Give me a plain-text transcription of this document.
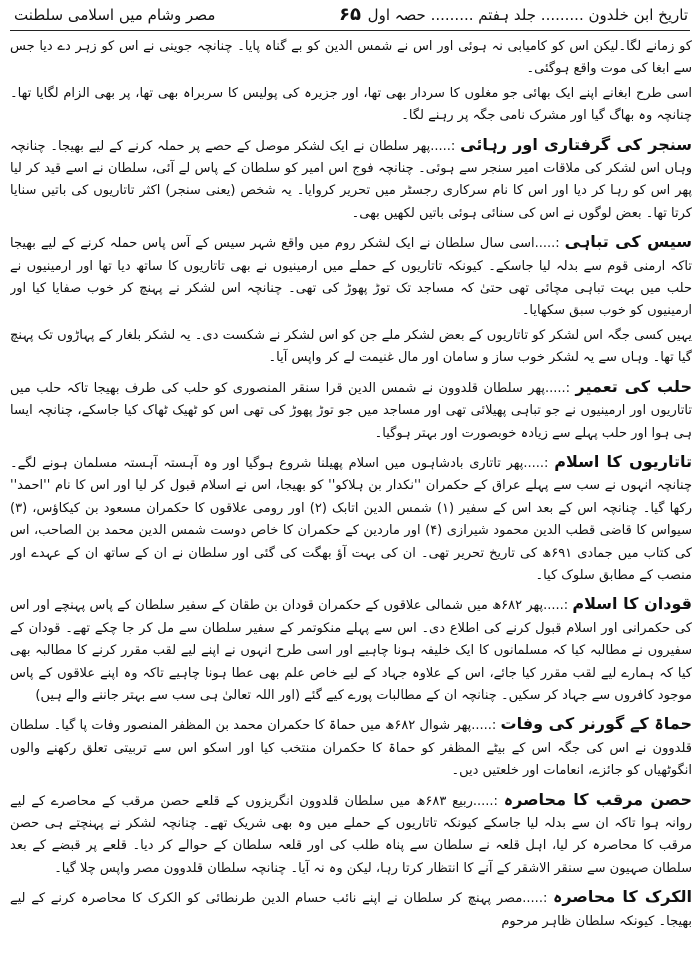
تاریخ ابن خلدون ......... جلد ہفتم ......... حصہ اول
۶۵
مصر وشام میں اسلامی سلطنت

کو زمانے لگا۔لیکن اس کو کامیابی نہ ہوئی اور اس نے شمس الدین کو بے گناہ پایا۔ چنانچہ جوینی نے اس کو زہر دے دیا جس سے ابغا کی موت واقع ہوگئی۔

اسی طرح ابغانے اپنے ایک بھائی جو مغلوں کا سردار بھی تھا، اور جزیرہ کی پولیس کا سربراہ بھی تھا، پر بھی الزام لگایا تھا۔ چنانچہ وہ بھاگ گیا اور مشرک نامی جگہ پر رہنے لگا۔

سنجر کی گرفتاری اور رہائی :.....پھر سلطان نے ایک لشکر موصل کے حصے پر حملہ کرنے کے لیے بھیجا۔ چنانچہ وہاں اس لشکر کی ملاقات امیر سنجر سے ہوئی۔ چنانچہ فوج اس امیر کو سلطان کے پاس لے آئی، سلطان نے اسے قید کر لیا پھر اس کو رہا کر دیا اور اس کا نام سرکاری رجسٹر میں تحریر کروایا۔ یہ شخص (یعنی سنجر) اکثر تاتاریوں کی باتیں سنایا کرتا تھا۔ بعض لوگوں نے اس کی سنائی ہوئی باتیں لکھیں بھی۔

سیس کی تباہی :.....اسی سال سلطان نے ایک لشکر روم میں واقع شہر سیس کے آس پاس حملہ کرنے کے لیے بھیجا تاکہ ارمنی قوم سے بدلہ لیا جاسکے۔ کیونکہ تاتاریوں کے حملے میں ارمینیوں نے بھی تاتاریوں کا ساتھ دیا تھا اور ارمینیوں نے حلب میں بہت تباہی مچائی تھی حتیٰ کہ مساجد تک توڑ پھوڑ کی تھی۔ چنانچہ اس لشکر نے پہنچ کر خوب صفایا کیا اور ارمینیوں کو خوب سبق سکھایا۔

یہیں کسی جگہ اس لشکر کو تاتاریوں کے بعض لشکر ملے جن کو اس لشکر نے شکست دی۔ یہ لشکر بلغار کے پہاڑوں تک پہنچ گیا تھا۔ وہاں سے یہ لشکر خوب ساز و سامان اور مال غنیمت لے کر واپس آیا۔

حلب کی تعمیر :.....پھر سلطان قلدوون نے شمس الدین قرا سنقر المنصوری کو حلب کی طرف بھیجا تاکہ حلب میں تاتاریوں اور ارمینیوں نے جو تباہی پھیلائی تھی اور مساجد میں جو توڑ پھوڑ کی تھی اس کو ٹھیک ٹھاک کیا جاسکے، چنانچہ ایسا ہی ہوا اور حلب پہلے سے زیادہ خوبصورت اور بہتر ہوگیا۔

تاتاریوں کا اسلام :.....پھر تاتاری بادشاہوں میں اسلام پھیلنا شروع ہوگیا اور وہ آہستہ آہستہ مسلمان ہونے لگے۔ چنانچہ انہوں نے سب سے پہلے عراق کے حکمران ''نکدار بن ہلاکو'' کو بھیجا، اس نے اسلام قبول کر لیا اور اس کا نام ''احمد'' رکھا گیا۔ چنانچہ اس کے بعد اس کے سفیر (۱) شمس الدین اتابک (۲) اور رومی علاقوں کا حکمران مسعود بن کیکاؤس، (۳) سیواس کا قاضی قطب الدین محمود شیرازی (۴) اور ماردین کے حکمران کا خاص دوست شمس الدین محمد بن الصاحب، اس کی کتاب میں جمادی ۶۹۱ھ کی تاریخ تحریر تھی۔ ان کی بہت آؤ بھگت کی گئی اور سلطان نے ان کے ساتھ ان کے عہدے اور منصب کے مطابق سلوک کیا۔

قودان کا اسلام :.....پھر ۶۸۲ھ میں شمالی علاقوں کے حکمران قودان بن طقان کے سفیر سلطان کے پاس پہنچے اور اس کی حکمرانی اور اسلام قبول کرنے کی اطلاع دی۔ اس سے پہلے منکوتمر کے سفیر سلطان سے مل کر جا چکے تھے۔ قودان کے سفیروں نے مطالبہ کیا کہ مسلمانوں کا ایک خلیفہ ہونا چاہیے اور اسی طرح انہوں نے اپنے لیے لقب مقرر کرنے کا مطالبہ بھی کیا کہ ہمارے لیے لقب مقرر کیا جائے، اس کے علاوہ جہاد کے لیے خاص علم بھی عطا ہونا چاہیے تاکہ وہ اپنے علاقوں کے پاس موجود کافروں سے جہاد کر سکیں۔ چنانچہ ان کے مطالبات پورے کیے گئے (اور اللہ تعالیٰ ہی سب سے بہتر جاننے والے ہیں)

حماۃ کے گورنر کی وفات :.....پھر شوال ۶۸۲ھ میں حماۃ کا حکمران محمد بن المظفر المنصور وفات پا گیا۔ سلطان قلدوون نے اس کی جگہ اس کے بیٹے المظفر کو حماۃ کا حکمران منتخب کیا اور اسکو اس سے تربیتی تعلق رکھنے والوں انگوٹھیاں کو جائزے، انعامات اور خلعتیں دیں۔

حصن مرقب کا محاصرہ :.....ربیع ۶۸۳ھ میں سلطان قلدوون انگریزوں کے قلعے حصن مرقب کے محاصرے کے لیے روانہ ہوا تاکہ ان سے بدلہ لیا جاسکے کیونکہ تاتاریوں کے حملے میں وہ بھی شریک تھے۔ چنانچہ لشکر نے پہنچتے ہی حصن مرقب کا محاصرہ کر لیا، اہل قلعہ نے سلطان سے پناہ طلب کی اور قلعہ سلطان کے حوالے کر دیا۔ قلعے پر قبضے کے بعد سلطان صہیون سے سنقر الاشقر کے آنے کا انتظار کرتا رہا، لیکن وہ نہ آیا۔ چنانچہ سلطان قلدوون مصر واپس چلا گیا۔

الکرک کا محاصرہ :.....مصر پہنچ کر سلطان نے اپنے نائب حسام الدین طرنطائی کو الکرک کا محاصرہ کرنے کے لیے بھیجا۔ کیونکہ سلطان ظاہر مرحوم
